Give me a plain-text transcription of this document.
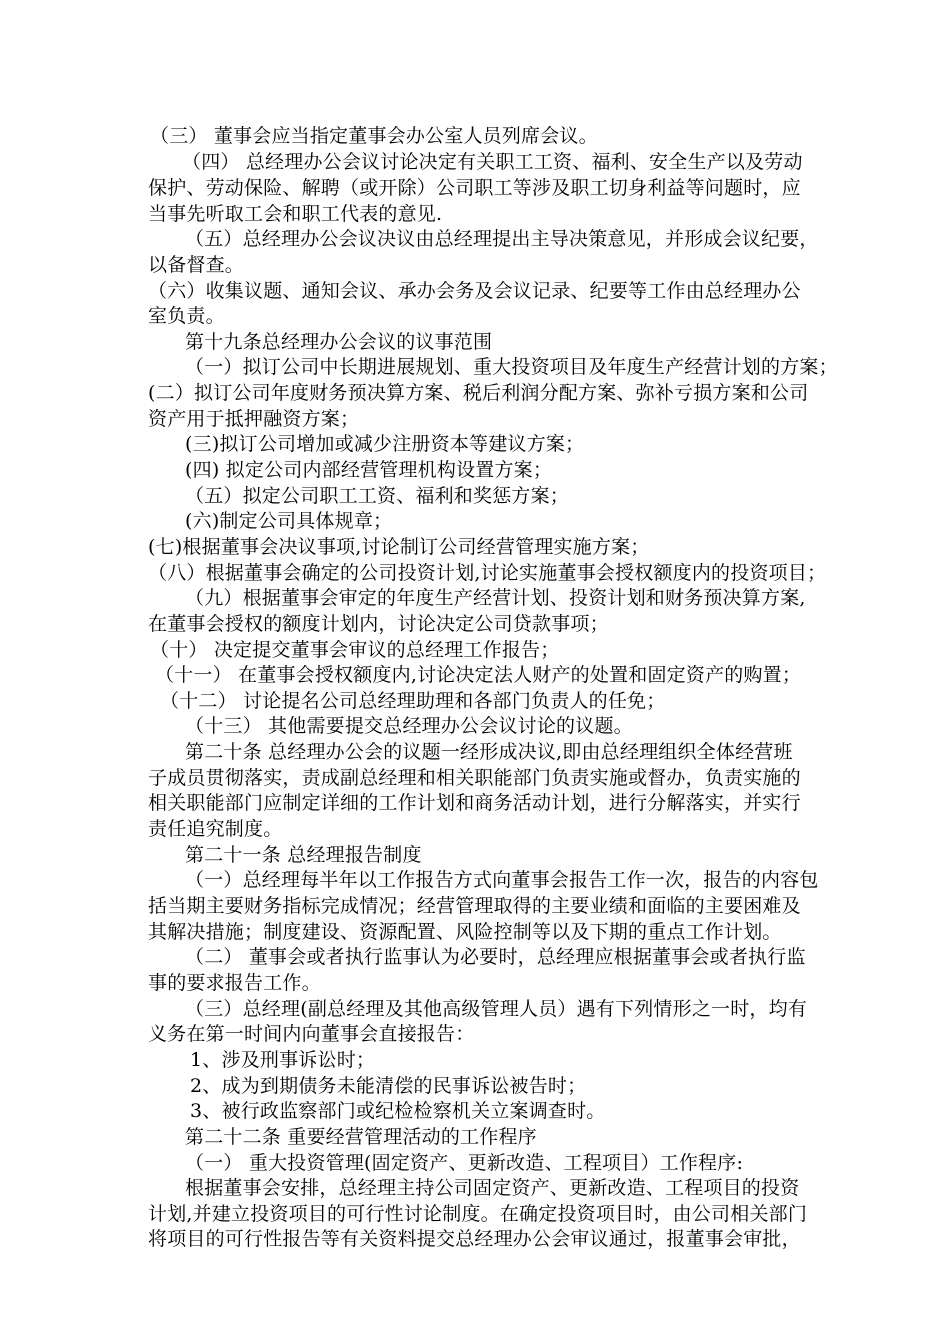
（三） 董事会应当指定董事会办公室人员列席会议。
（四） 总经理办公会议讨论决定有关职工工资、福利、安全生产以及劳动
保护、劳动保险、解聘（或开除）公司职工等涉及职工切身利益等问题时，应
当事先听取工会和职工代表的意见.
（五）总经理办公会议决议由总经理提出主导决策意见，并形成会议纪要，
以备督查。
（六）收集议题、通知会议、承办会务及会议记录、纪要等工作由总经理办公
室负责。
第十九条总经理办公会议的议事范围
（一）拟订公司中长期进展规划、重大投资项目及年度生产经营计划的方案；
(二）拟订公司年度财务预决算方案、税后利润分配方案、弥补亏损方案和公司
资产用于抵押融资方案；
(三)拟订公司增加或减少注册资本等建议方案；
(四) 拟定公司内部经营管理机构设置方案；
（五）拟定公司职工工资、福利和奖惩方案；
(六)制定公司具体规章；
(七)根据董事会决议事项,讨论制订公司经营管理实施方案；
（八）根据董事会确定的公司投资计划,讨论实施董事会授权额度内的投资项目；
（九）根据董事会审定的年度生产经营计划、投资计划和财务预决算方案,
在董事会授权的额度计划内，讨论决定公司贷款事项；
（十） 决定提交董事会审议的总经理工作报告；
（十一） 在董事会授权额度内,讨论决定法人财产的处置和固定资产的购置；
（十二） 讨论提名公司总经理助理和各部门负责人的任免；
（十三） 其他需要提交总经理办公会议讨论的议题。
第二十条 总经理办公会的议题一经形成决议,即由总经理组织全体经营班
子成员贯彻落实，责成副总经理和相关职能部门负责实施或督办，负责实施的
相关职能部门应制定详细的工作计划和商务活动计划，进行分解落实，并实行
责任追究制度。
第二十一条 总经理报告制度
（一）总经理每半年以工作报告方式向董事会报告工作一次，报告的内容包
括当期主要财务指标完成情况；经营管理取得的主要业绩和面临的主要困难及
其解决措施；制度建设、资源配置、风险控制等以及下期的重点工作计划。
（二） 董事会或者执行监事认为必要时，总经理应根据董事会或者执行监
事的要求报告工作。
（三）总经理(副总经理及其他高级管理人员）遇有下列情形之一时，均有
义务在第一时间内向董事会直接报告：
1、涉及刑事诉讼时；
2、成为到期债务未能清偿的民事诉讼被告时；
3、被行政监察部门或纪检检察机关立案调查时。
第二十二条 重要经营管理活动的工作程序
（一） 重大投资管理(固定资产、更新改造、工程项目）工作程序:
根据董事会安排，总经理主持公司固定资产、更新改造、工程项目的投资
计划,并建立投资项目的可行性讨论制度。在确定投资项目时，由公司相关部门
将项目的可行性报告等有关资料提交总经理办公会审议通过，报董事会审批，
